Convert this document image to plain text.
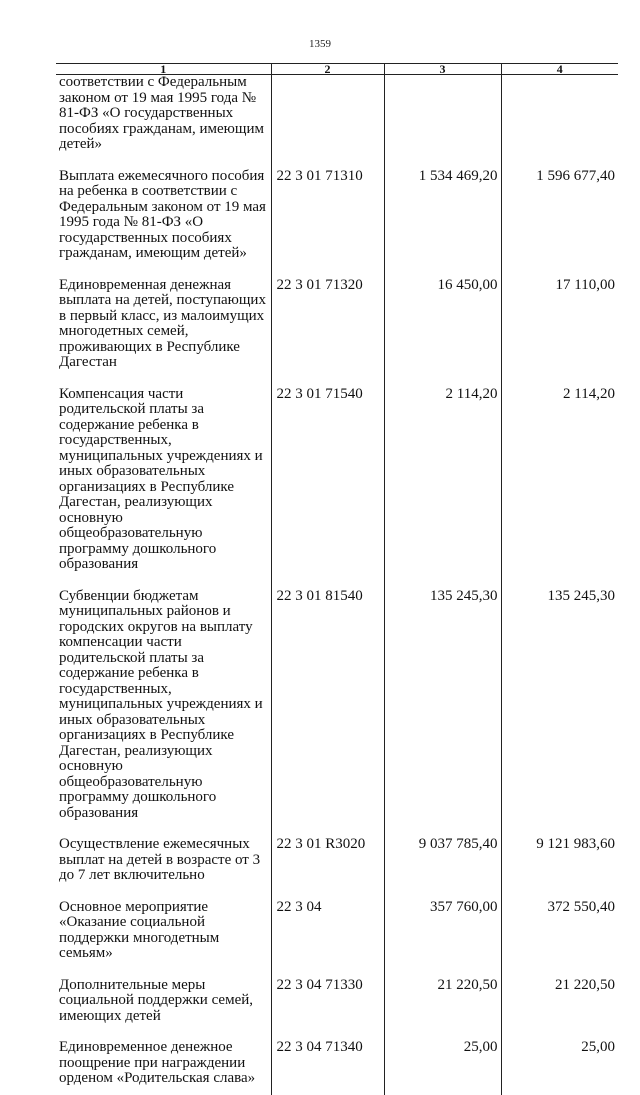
1359
1	2	3	4
соответствии с Федеральным законом от 19 мая 1995 года № 81-ФЗ «О государственных пособиях гражданам, имеющим детей»			
Выплата ежемесячного пособия на ребенка в соответствии с Федеральным законом от 19 мая 1995 года № 81-ФЗ «О государственных пособиях гражданам, имеющим детей»	22 3 01 71310	1 534 469,20	1 596 677,40
Единовременная денежная выплата на детей, поступающих в первый класс, из малоимущих многодетных семей, проживающих в Республике Дагестан	22 3 01 71320	16 450,00	17 110,00
Компенсация части родительской платы за содержание ребенка в государственных, муниципальных учреждениях и иных образовательных организациях в Республике Дагестан, реализующих основную общеобразовательную программу дошкольного образования	22 3 01 71540	2 114,20	2 114,20
Субвенции бюджетам муниципальных районов и городских округов на выплату компенсации части родительской платы за содержание ребенка в государственных, муниципальных учреждениях и иных образовательных организациях в Республике Дагестан, реализующих основную общеобразовательную программу дошкольного образования	22 3 01 81540	135 245,30	135 245,30
Осуществление ежемесячных выплат на детей в возрасте от 3 до 7 лет включительно	22 3 01 R3020	9 037 785,40	9 121 983,60
Основное мероприятие «Оказание социальной поддержки многодетным семьям»	22 3 04	357 760,00	372 550,40
Дополнительные меры социальной поддержки семей, имеющих детей	22 3 04 71330	21 220,50	21 220,50
Единовременное денежное поощрение при награждении орденом «Родительская слава»	22 3 04 71340	25,00	25,00
